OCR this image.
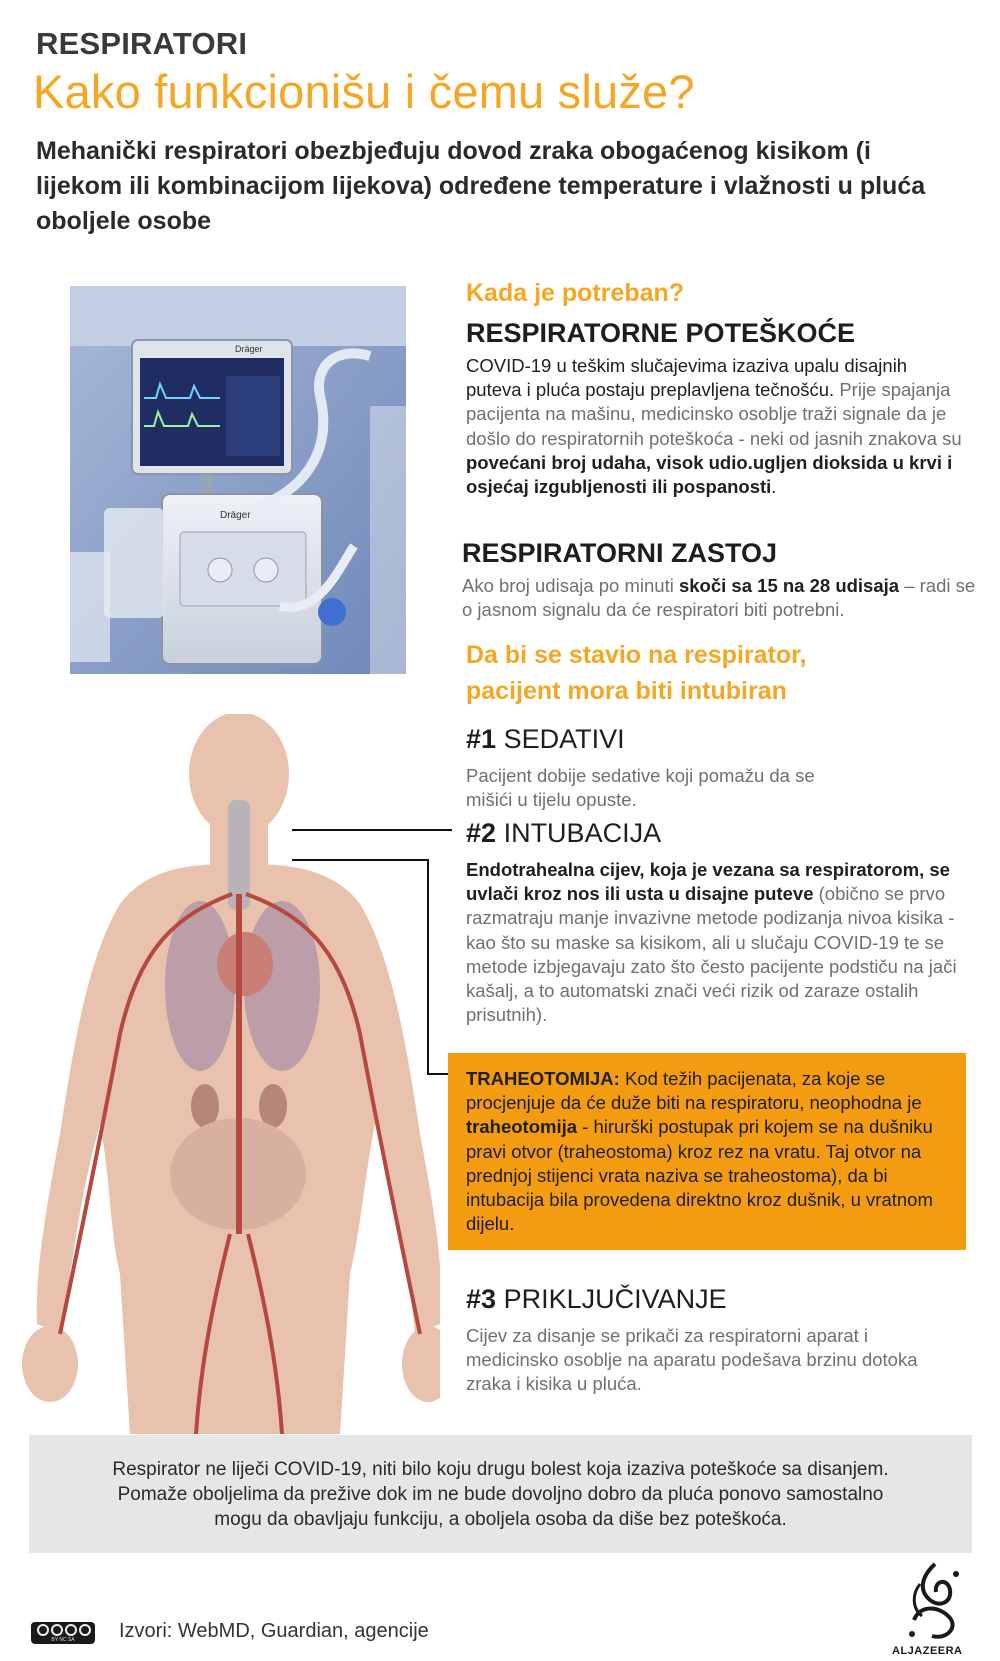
RESPIRATORI
Kako funkcionišu i čemu služe?
Mehanički respiratori obezbjeđuju dovod zraka obogaćenog kisikom (i lijekom ili kombinacijom lijekova) određene temperature i vlažnosti u pluća oboljele osobe
Dräger
Dräger
Kada je potreban?
RESPIRATORNE POTEŠKOĆE
COVID-19 u teškim slučajevima izaziva upalu disajnih puteva i pluća postaju preplavljena tečnošću. Prije spajanja pacijenta na mašinu, medicinsko osoblje traži signale da je došlo do respiratornih poteškoća - neki od jasnih znakova su povećani broj udaha, visok udio.ugljen dioksida u krvi i osjećaj izgubljenosti ili pospanosti.
RESPIRATORNI ZASTOJ
Ako broj udisaja po minuti skoči sa 15 na 28 udisaja – radi se o jasnom signalu da će respiratori biti potrebni.
Da bi se stavio na respirator,
pacijent mora biti intubiran
#1 SEDATIVI
Pacijent dobije sedative koji pomažu da se mišići u tijelu opuste.
#2 INTUBACIJA
Endotrahealna cijev, koja je vezana sa respiratorom, se uvlači kroz nos ili usta u disajne puteve (obično se prvo razmatraju manje invazivne metode podizanja nivoa kisika - kao što su maske sa kisikom, ali u slučaju COVID-19 te se metode izbjegavaju zato što često pacijente podstiču na jači kašalj, a to automatski znači veći rizik od zaraze ostalih prisutnih).
TRAHEOTOMIJA: Kod težih pacijenata, za koje se procjenjuje da će duže biti na respiratoru, neophodna je traheotomija - hirurški postupak pri kojem se na dušniku pravi otvor (traheostoma) kroz rez na vratu. Taj otvor na prednjoj stijenci vrata naziva se traheostoma), da bi intubacija bila provedena direktno kroz dušnik, u vratnom dijelu.
#3 PRIKLJUČIVANJE
Cijev za disanje se prikači za respiratorni aparat i medicinsko osoblje na aparatu podešava brzinu dotoka zraka i kisika u pluća.

Respirator ne liječi COVID-19, niti bilo koju drugu bolest koja izaziva poteškoće sa disanjem.
Pomaže oboljelima da prežive dok im ne bude dovoljno dobro da pluća ponovo samostalno
mogu da obavljaju funkciju, a oboljela osoba da diše bez poteškoća.

BY NC SA	Izvori: WebMD, Guardian, agencije
ALJAZEERA
